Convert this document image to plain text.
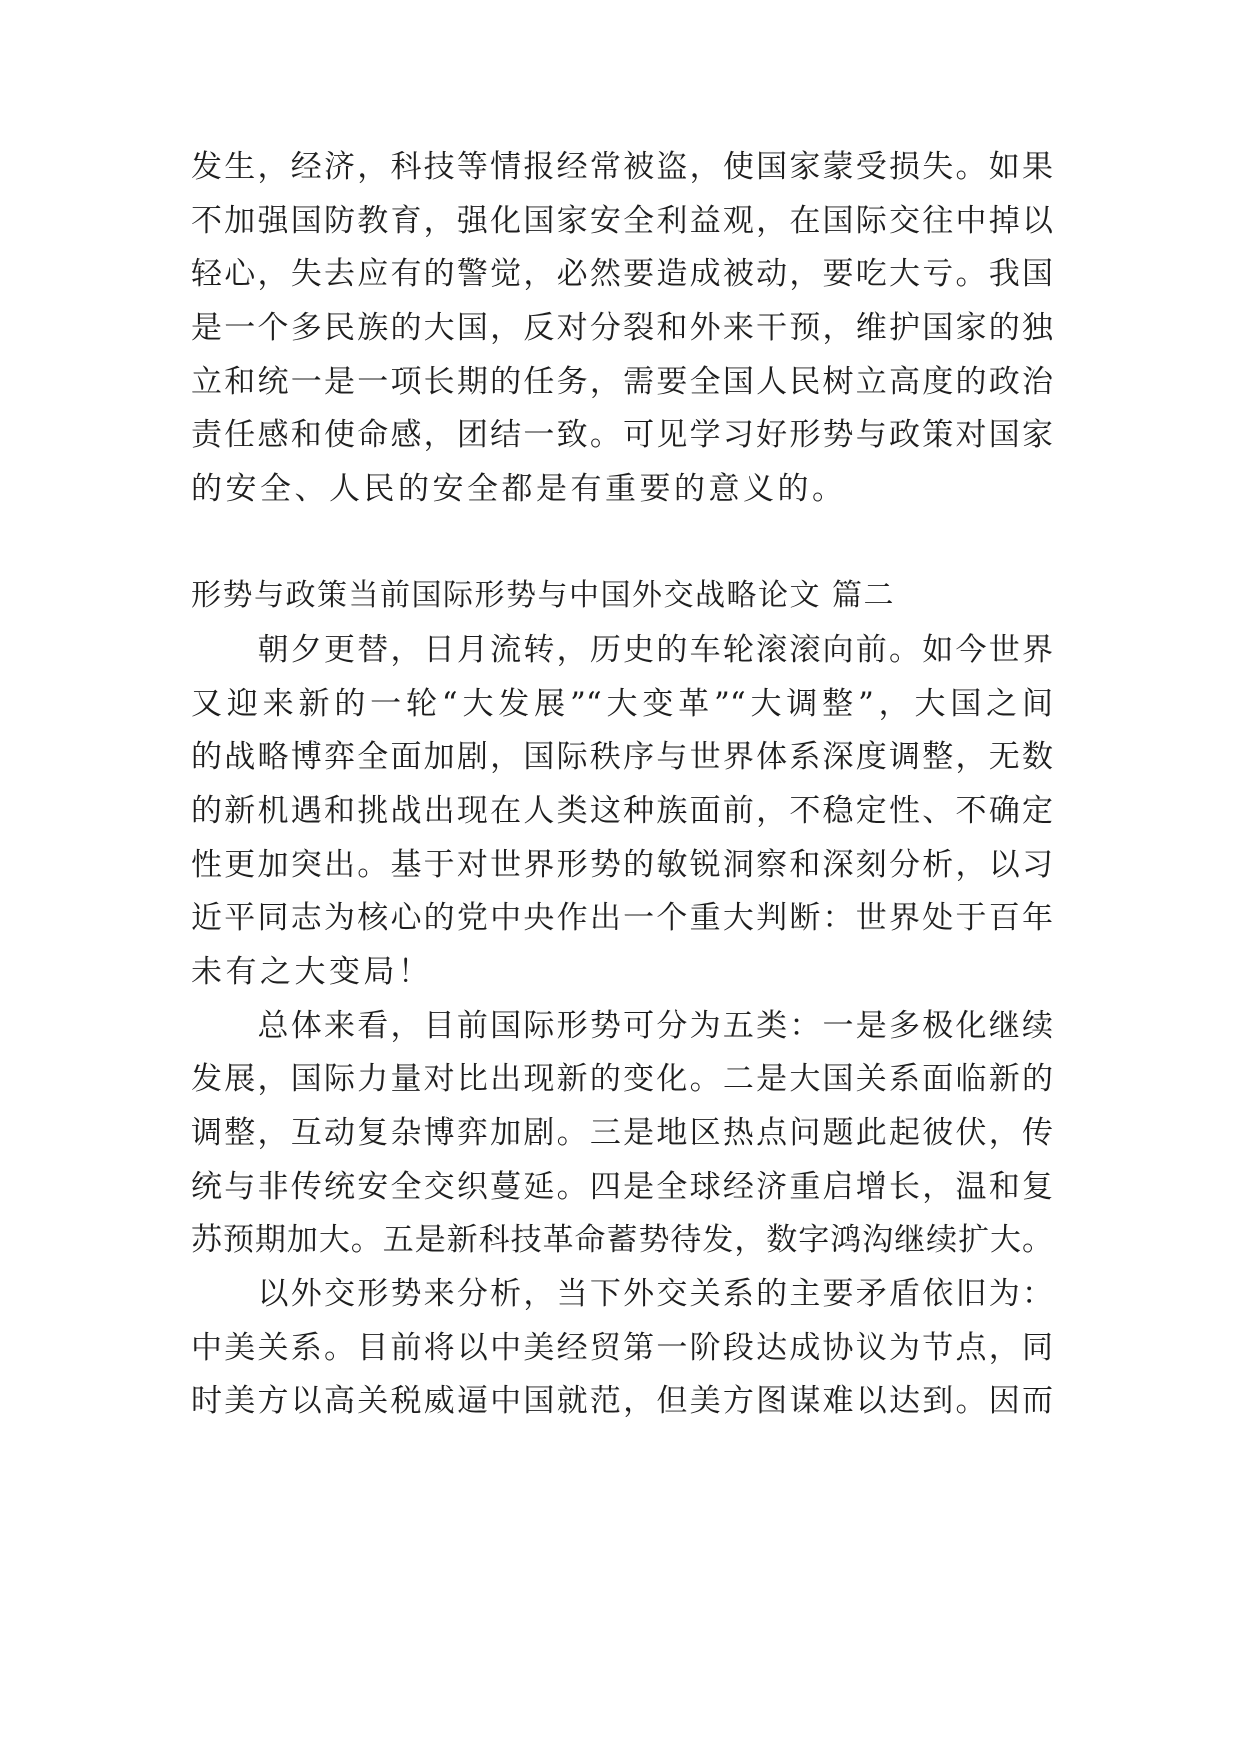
发生，经济，科技等情报经常被盗，使国家蒙受损失。如果
不加强国防教育，强化国家安全利益观，在国际交往中掉以
轻心，失去应有的警觉，必然要造成被动，要吃大亏。我国
是一个多民族的大国，反对分裂和外来干预，维护国家的独
立和统一是一项长期的任务，需要全国人民树立高度的政治
责任感和使命感，团结一致。可见学习好形势与政策对国家
的安全、人民的安全都是有重要的意义的。
形势与政策当前国际形势与中国外交战略论文 篇二
　　朝夕更替，日月流转，历史的车轮滚滚向前。如今世界
又迎来新的一轮“大发展”“大变革”“大调整”，大国之间
的战略博弈全面加剧，国际秩序与世界体系深度调整，无数
的新机遇和挑战出现在人类这种族面前，不稳定性、不确定
性更加突出。基于对世界形势的敏锐洞察和深刻分析，以习
近平同志为核心的党中央作出一个重大判断：世界处于百年
未有之大变局！
　　总体来看，目前国际形势可分为五类：一是多极化继续
发展，国际力量对比出现新的变化。二是大国关系面临新的
调整，互动复杂博弈加剧。三是地区热点问题此起彼伏，传
统与非传统安全交织蔓延。四是全球经济重启增长，温和复
苏预期加大。五是新科技革命蓄势待发，数字鸿沟继续扩大。
　　以外交形势来分析，当下外交关系的主要矛盾依旧为：
中美关系。目前将以中美经贸第一阶段达成协议为节点，同
时美方以高关税威逼中国就范，但美方图谋难以达到。因而
